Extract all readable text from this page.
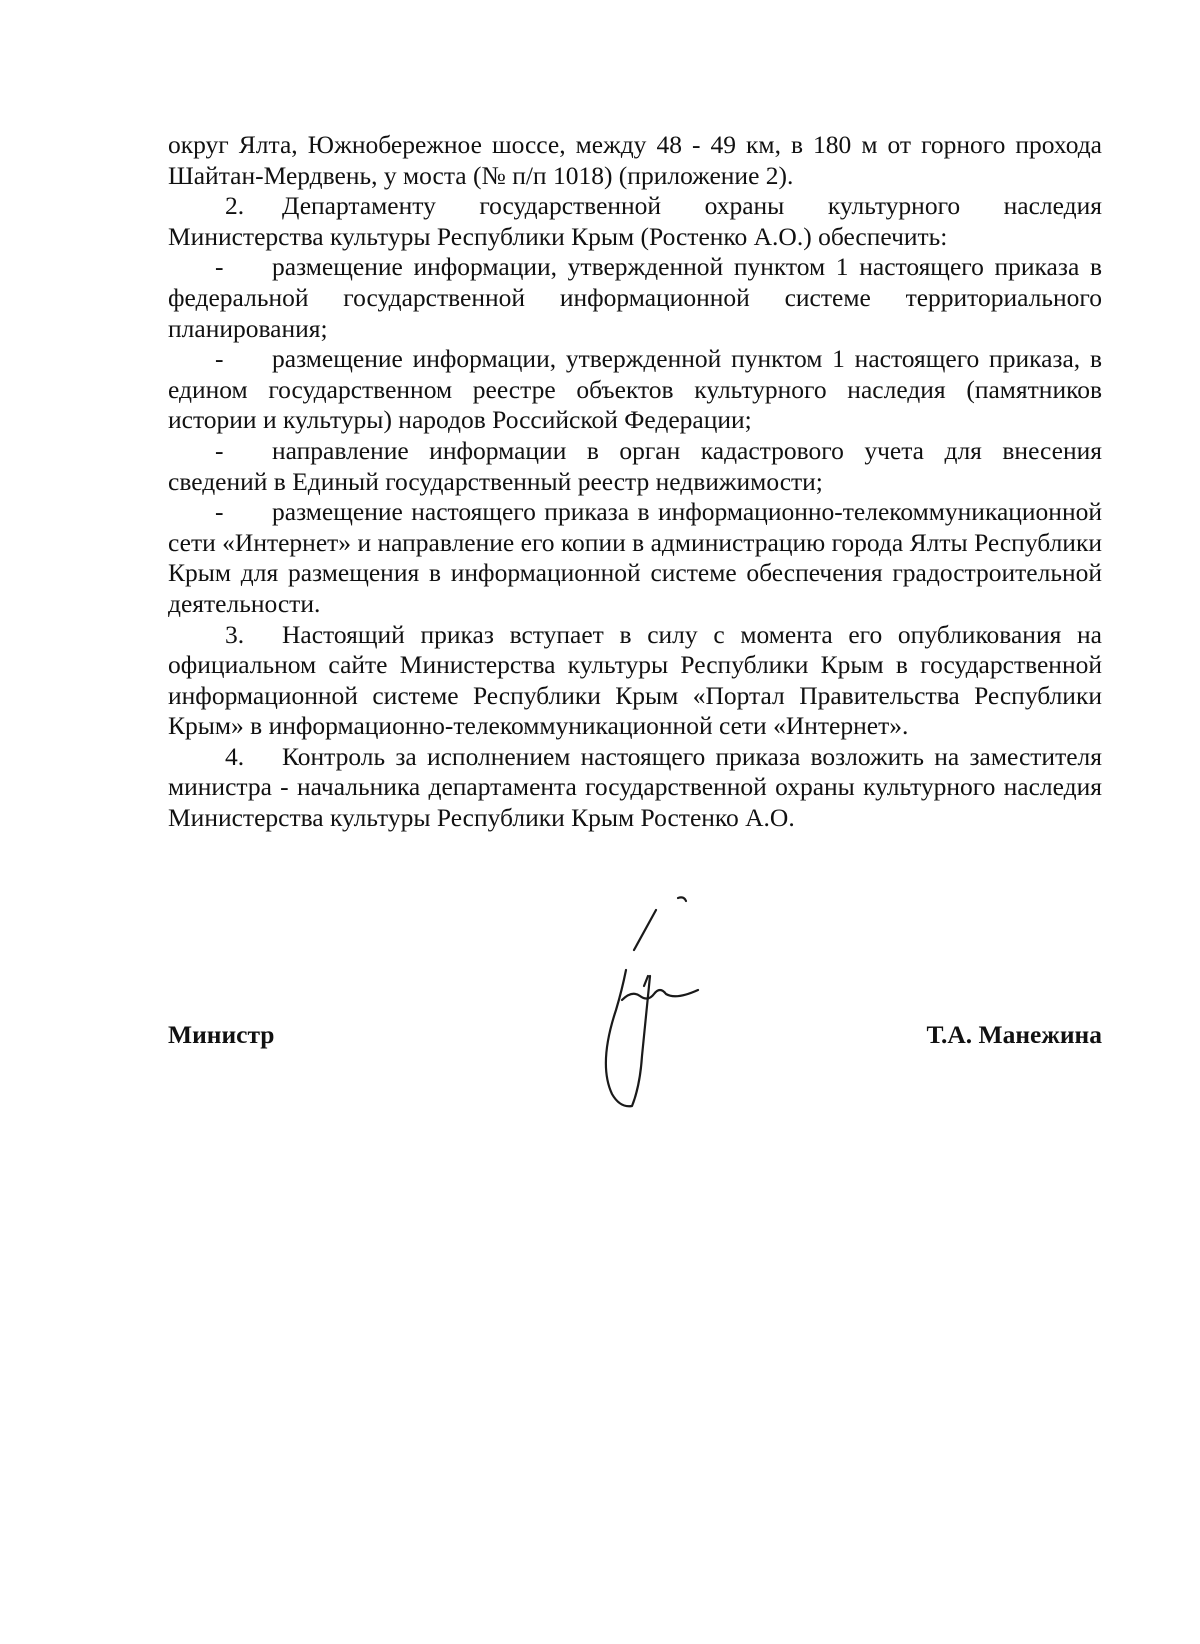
округ Ялта, Южнобережное шоссе, между 48 - 49 км, в 180 м от горного прохода Шайтан-Мердвень, у моста (№ п/п 1018) (приложение 2).

2. Департаменту государственной охраны культурного наследия Министерства культуры Республики Крым (Ростенко А.О.) обеспечить:

- размещение информации, утвержденной пунктом 1 настоящего приказа в федеральной государственной информационной системе территориального планирования;

- размещение информации, утвержденной пунктом 1 настоящего приказа, в едином государственном реестре объектов культурного наследия (памятников истории и культуры) народов Российской Федерации;

- направление информации в орган кадастрового учета для внесения сведений в Единый государственный реестр недвижимости;

- размещение настоящего приказа в информационно-телекоммуникационной сети «Интернет» и направление его копии в администрацию города Ялты Республики Крым для размещения в информационной системе обеспечения градостроительной деятельности.

3. Настоящий приказ вступает в силу с момента его опубликования на официальном сайте Министерства культуры Республики Крым в государственной информационной системе Республики Крым «Портал Правительства Республики Крым» в информационно-телекоммуникационной сети «Интернет».

4. Контроль за исполнением настоящего приказа возложить на заместителя министра - начальника департамента государственной охраны культурного наследия Министерства культуры Республики Крым Ростенко А.О.

Министр	Т.А. Манежина
